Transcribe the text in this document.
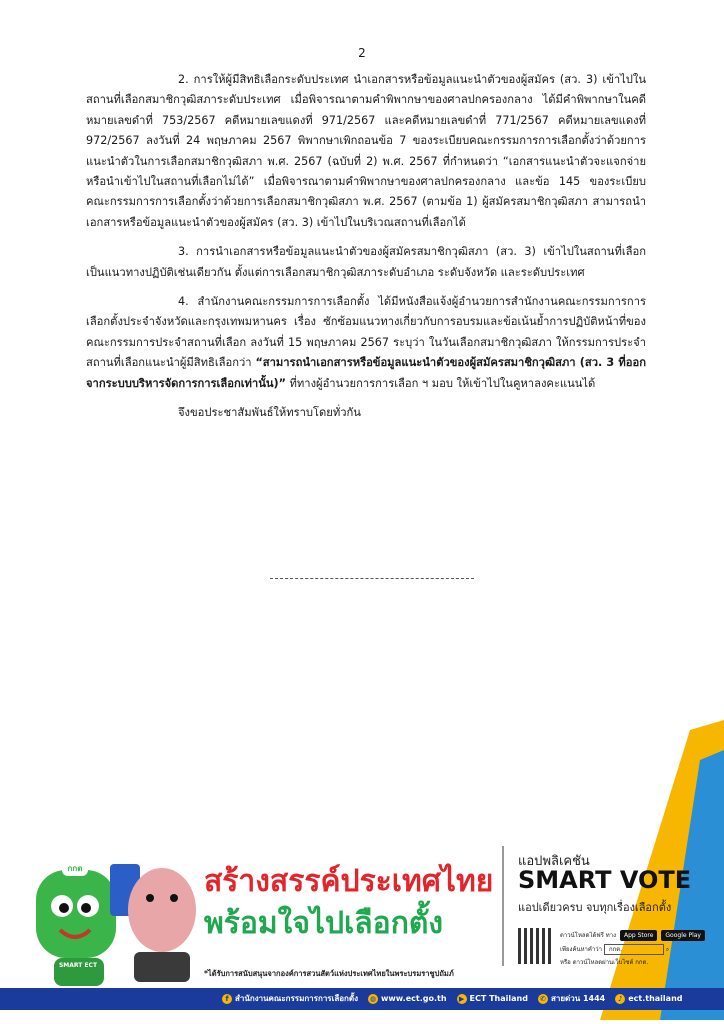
2

2. การให้ผู้มีสิทธิเลือกระดับประเทศ นำเอกสารหรือข้อมูลแนะนำตัวของผู้สมัคร (สว. 3) เข้าไปในสถานที่เลือกสมาชิกวุฒิสภาระดับประเทศ เมื่อพิจารณาตามคำพิพากษาของศาลปกครองกลาง ได้มีคำพิพากษาในคดีหมายเลขดำที่ 753/2567 คดีหมายเลขแดงที่ 971/2567 และคดีหมายเลขดำที่ 771/2567 คดีหมายเลขแดงที่ 972/2567 ลงวันที่ 24 พฤษภาคม 2567 พิพากษาเพิกถอนข้อ 7 ของระเบียบคณะกรรมการการเลือกตั้งว่าด้วยการแนะนำตัวในการเลือกสมาชิกวุฒิสภา พ.ศ. 2567 (ฉบับที่ 2) พ.ศ. 2567 ที่กำหนดว่า “เอกสารแนะนำตัวจะแจกจ่ายหรือนำเข้าไปในสถานที่เลือกไม่ได้” เมื่อพิจารณาตามคำพิพากษาของศาลปกครองกลาง และข้อ 145 ของระเบียบคณะกรรมการการเลือกตั้งว่าด้วยการเลือกสมาชิกวุฒิสภา พ.ศ. 2567 (ตามข้อ 1) ผู้สมัครสมาชิกวุฒิสภา สามารถนำเอกสารหรือข้อมูลแนะนำตัวของผู้สมัคร (สว. 3) เข้าไปในบริเวณสถานที่เลือกได้

3. การนำเอกสารหรือข้อมูลแนะนำตัวของผู้สมัครสมาชิกวุฒิสภา (สว. 3) เข้าไปในสถานที่เลือกเป็นแนวทางปฏิบัติเช่นเดียวกัน ตั้งแต่การเลือกสมาชิกวุฒิสภาระดับอำเภอ ระดับจังหวัด และระดับประเทศ

4. สำนักงานคณะกรรมการการเลือกตั้ง ได้มีหนังสือแจ้งผู้อำนวยการสำนักงานคณะกรรมการการเลือกตั้งประจำจังหวัดและกรุงเทพมหานคร เรื่อง ซักซ้อมแนวทางเกี่ยวกับการอบรมและข้อเน้นย้ำการปฏิบัติหน้าที่ของคณะกรรมการประจำสถานที่เลือก ลงวันที่ 15 พฤษภาคม 2567 ระบุว่า ในวันเลือกสมาชิกวุฒิสภา ให้กรรมการประจำสถานที่เลือกแนะนำผู้มีสิทธิเลือกว่า “สามารถนำเอกสารหรือข้อมูลแนะนำตัวของผู้สมัครสมาชิกวุฒิสภา (สว. 3 ที่ออกจากระบบบริหารจัดการการเลือกเท่านั้น)” ที่ทางผู้อำนวยการการเลือก ฯ มอบ ให้เข้าไปในคูหาลงคะแนนได้

จึงขอประชาสัมพันธ์ให้ทราบโดยทั่วกัน

กกต
SMART ECT
สร้างสรรค์ประเทศไทย
พร้อมใจไปเลือกตั้ง
*ได้รับการสนับสนุนจากองค์การสวนสัตว์แห่งประเทศไทยในพระบรมราชูปถัมภ์
แอปพลิเคชัน
SMART VOTE
แอปเดียวครบ จบทุกเรื่องเลือกตั้ง
ดาวน์โหลดได้ฟรี ทาง App Store Google Play
เพียงค้นหาคำว่า กกต.	⌕
หรือ ดาวน์โหลดผ่านเว็บไซต์ กกต.
f สำนักงานคณะกรรมการการเลือกตั้ง ◍ www.ect.go.th	▶ ECT Thailand ✆ สายด่วน 1444	♪ ect.thailand
